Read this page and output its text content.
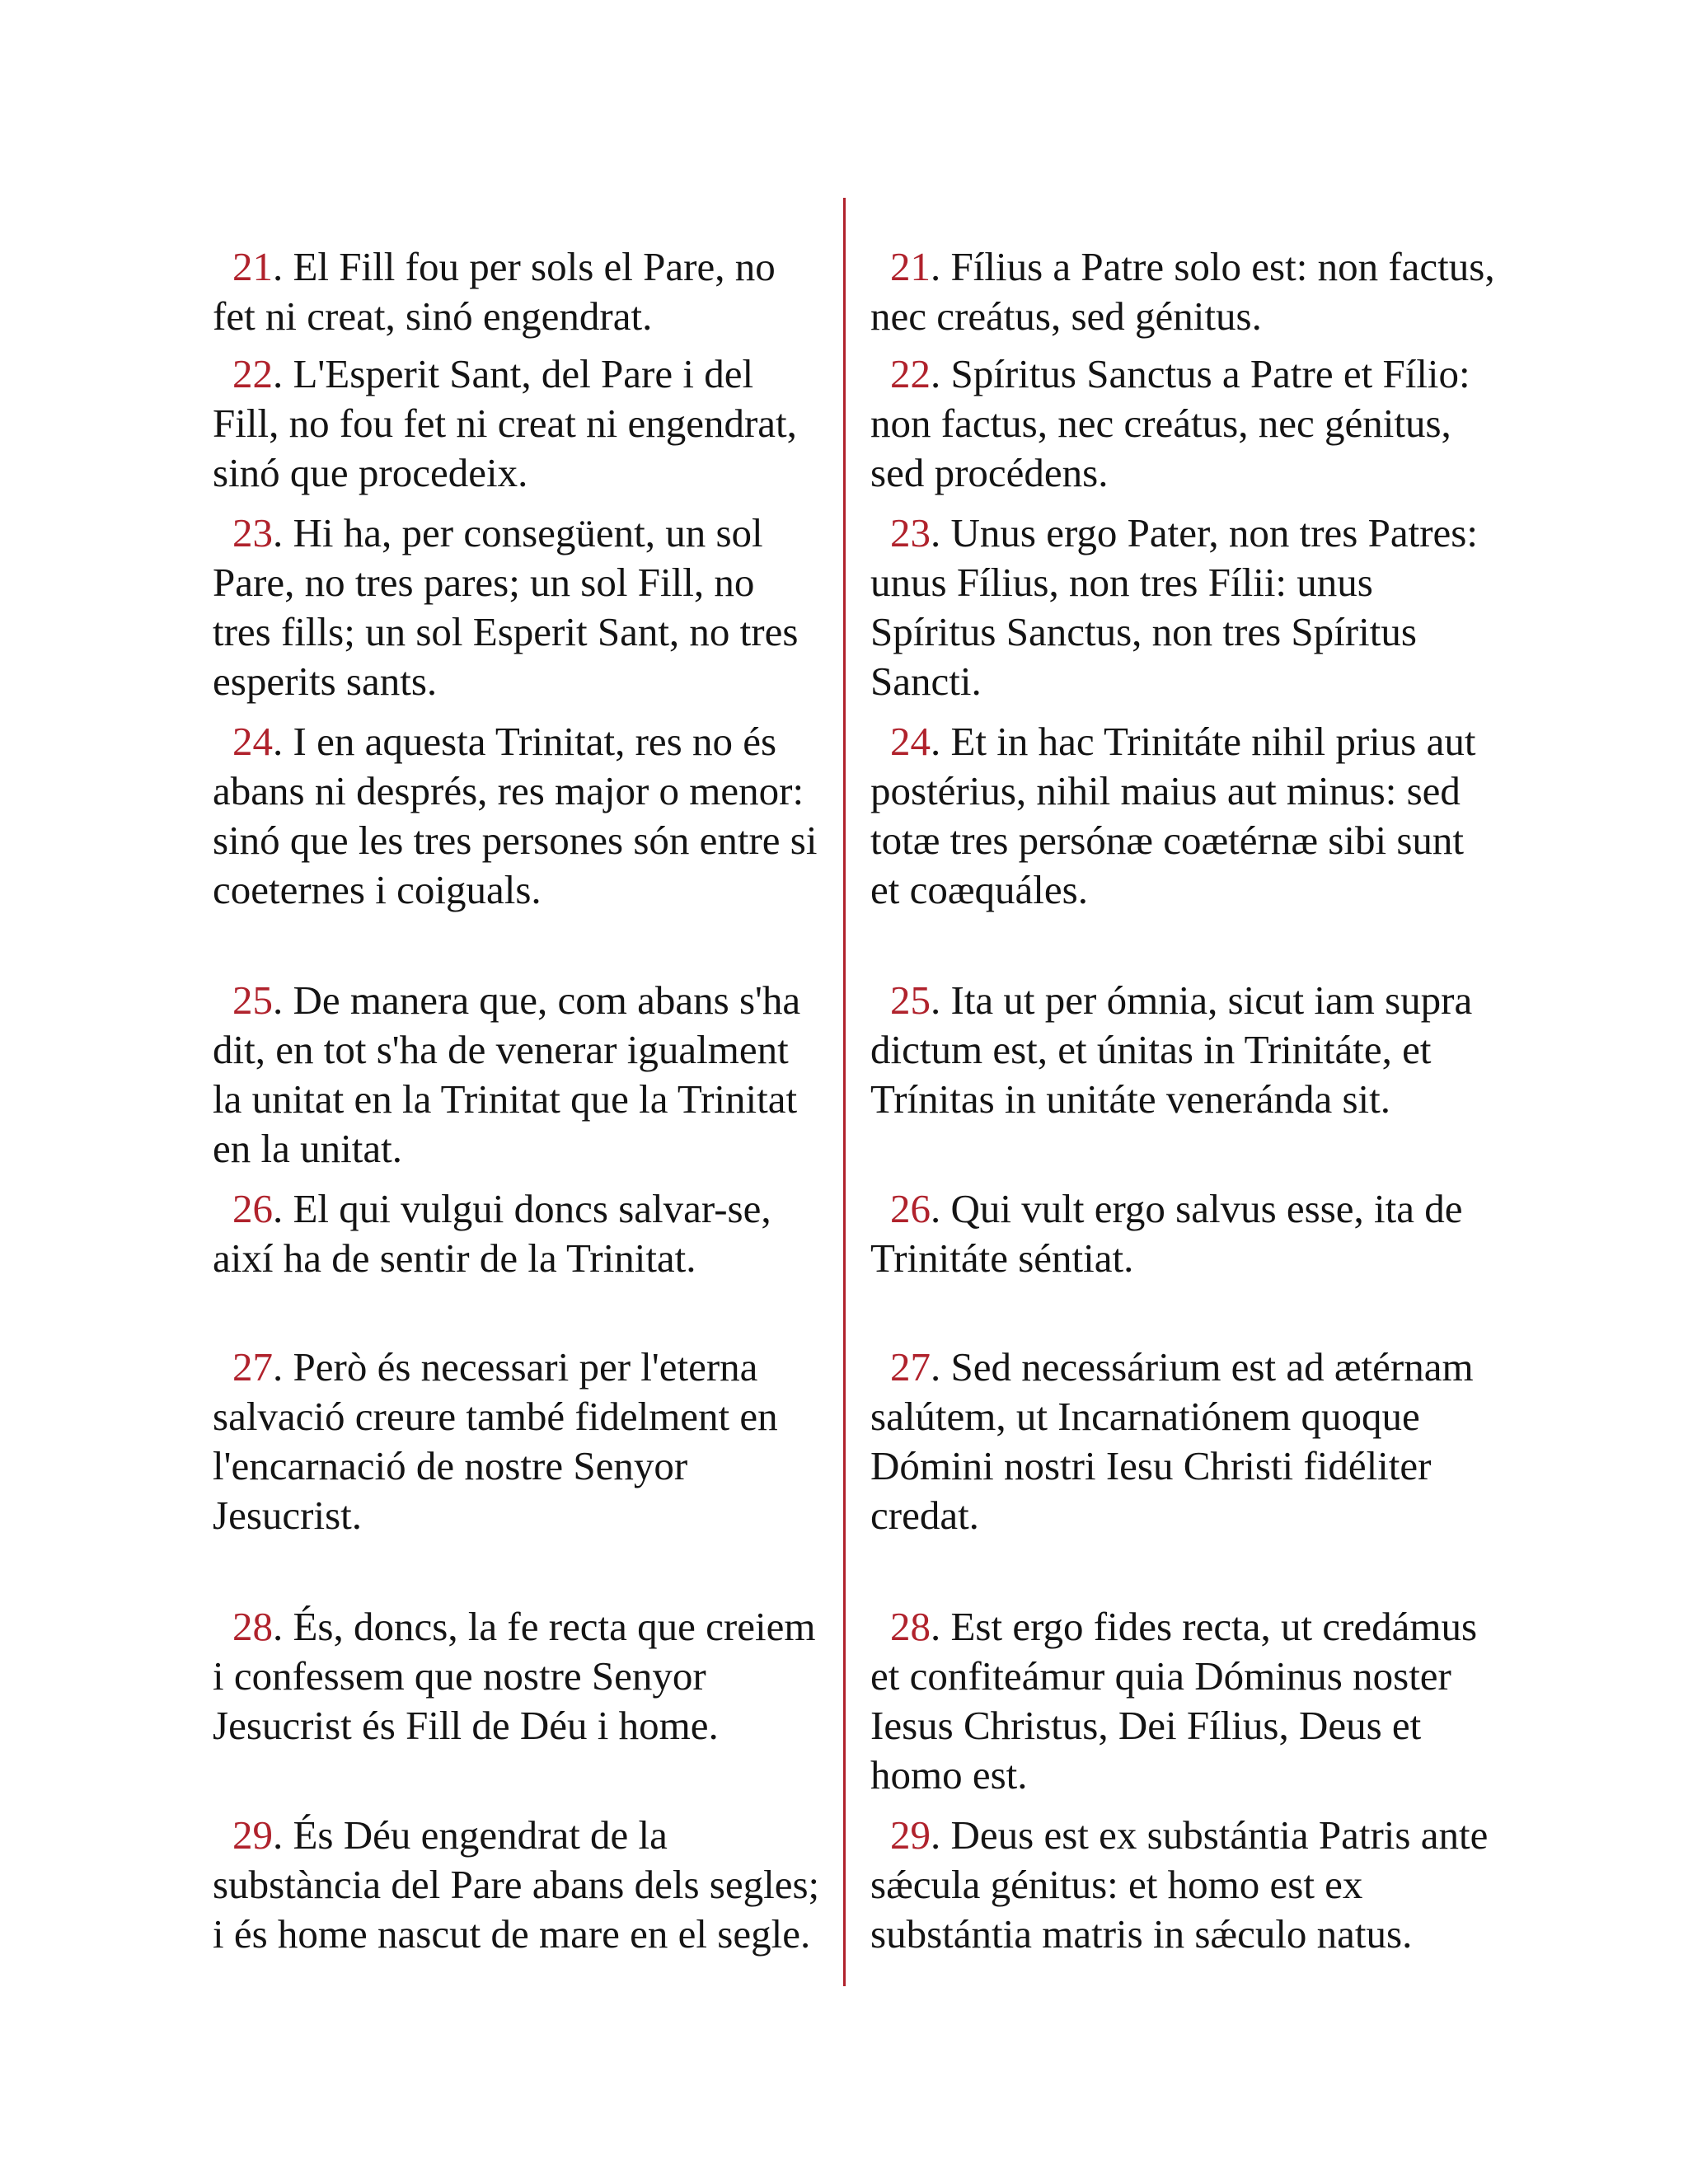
21. El Fill fou per sols el Pare, no fet ni creat, sinó engendrat.

22. L'Esperit Sant, del Pare i del Fill, no fou fet ni creat ni engendrat, sinó que procedeix.

23. Hi ha, per consegüent, un sol Pare, no tres pares; un sol Fill, no tres fills; un sol Esperit Sant, no tres esperits sants.

24. I en aquesta Trinitat, res no és abans ni després, res major o menor: sinó que les tres persones són entre si coeternes i coiguals.

25. De manera que, com abans s'ha dit, en tot s'ha de venerar igualment la unitat en la Trinitat que la Trinitat en la unitat.

26. El qui vulgui doncs salvar-se, així ha de sentir de la Trinitat.

27. Però és necessari per l'eterna salvació creure també fidelment en l'encarnació de nostre Senyor Jesucrist.

28. És, doncs, la fe recta que creiem i confessem que nostre Senyor Jesucrist és Fill de Déu i home.

29. És Déu engendrat de la substància del Pare abans dels segles; i és home nascut de mare en el segle.

21. Fílius a Patre solo est: non factus, nec creátus, sed génitus.

22. Spíritus Sanctus a Patre et Fílio: non factus, nec creátus, nec génitus, sed procédens.

23. Unus ergo Pater, non tres Patres: unus Fílius, non tres Fílii: unus Spíritus Sanctus, non tres Spíritus Sancti.

24. Et in hac Trinitáte nihil prius aut postérius, nihil maius aut minus: sed totæ tres persónæ coætérnæ sibi sunt et coæquáles.

25. Ita ut per ómnia, sicut iam supra dictum est, et únitas in Trinitáte, et Trínitas in unitáte veneránda sit.

26. Qui vult ergo salvus esse, ita de Trinitáte séntiat.

27. Sed necessárium est ad ætérnam salútem, ut Incarnatiónem quoque Dómini nostri Iesu Christi fidéliter credat.

28. Est ergo fides recta, ut credámus et confiteámur quia Dóminus noster Iesus Christus, Dei Fílius, Deus et homo est.

29. Deus est ex substántia Patris ante sǽcula génitus: et homo est ex substántia matris in sǽculo natus.
